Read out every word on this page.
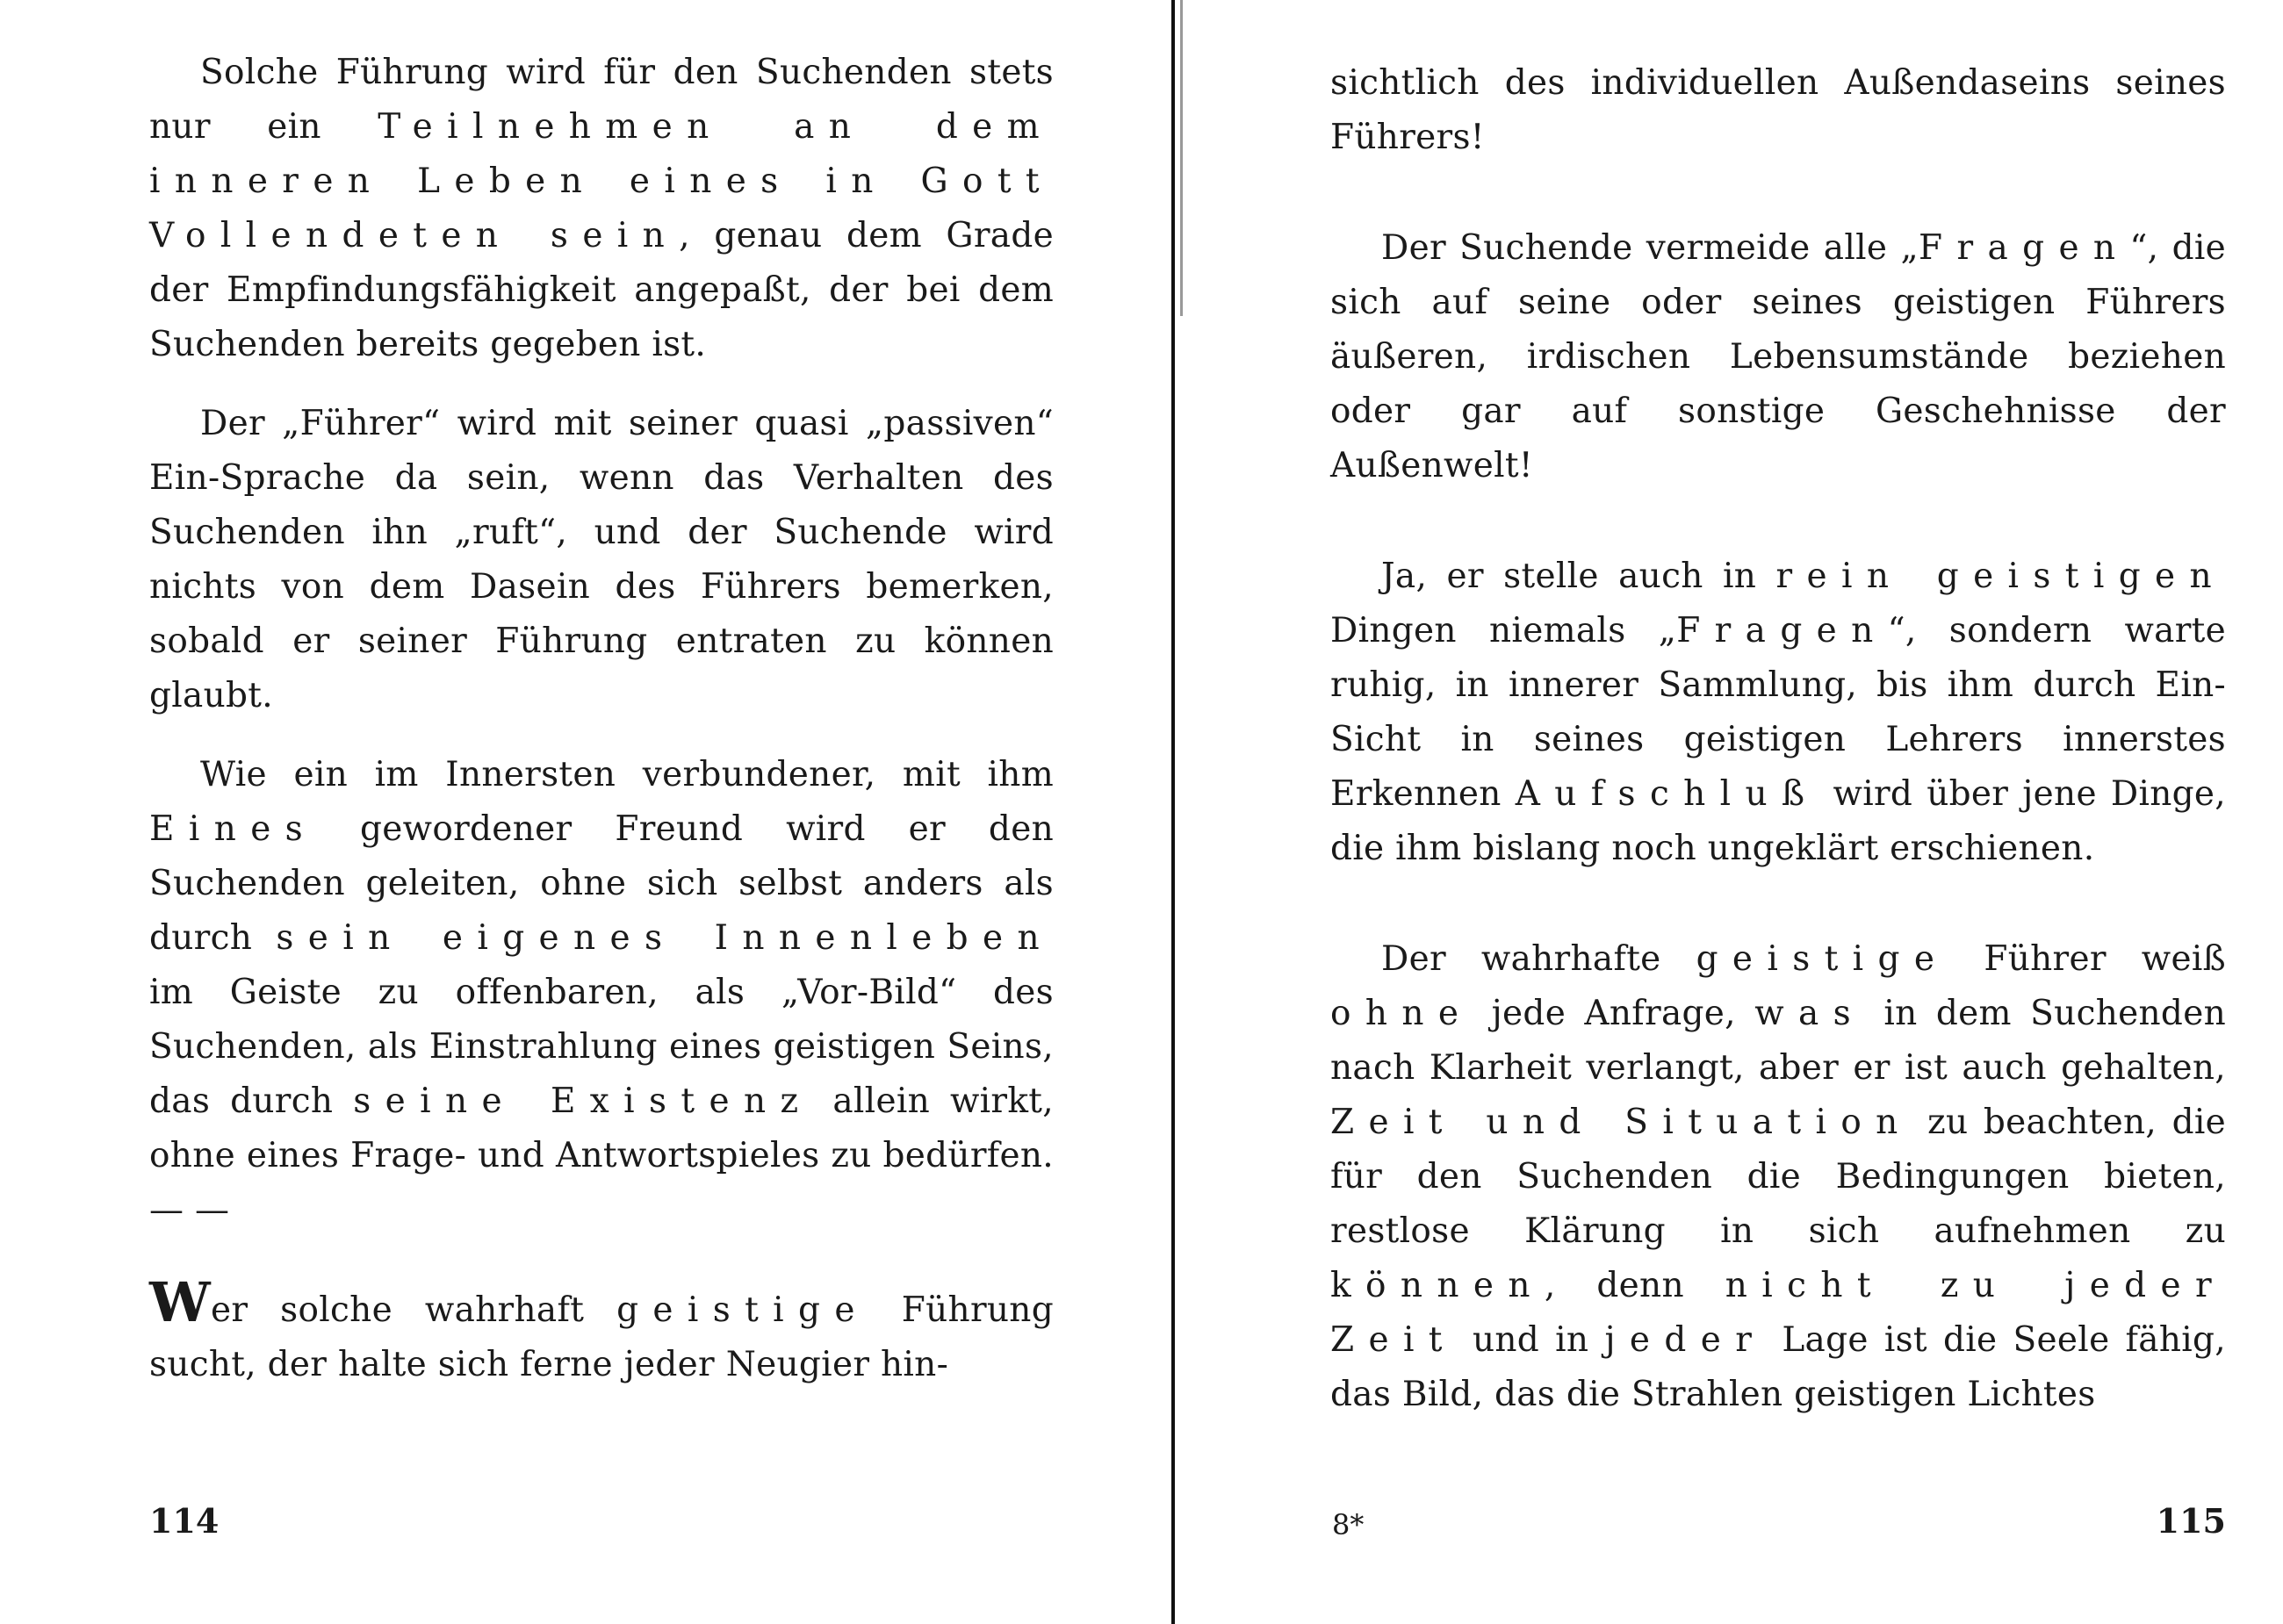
Solche Führung wird für den Suchenden stets nur ein Teilnehmen an dem inneren Leben eines in Gott Vollendeten sein, genau dem Grade der Empfindungsfähigkeit angepaßt, der bei dem Suchenden bereits gegeben ist.

Der „Führer“ wird mit seiner quasi „passiven“ Ein-Sprache da sein, wenn das Verhalten des Suchenden ihn „ruft“, und der Suchende wird nichts von dem Dasein des Führers bemerken, sobald er seiner Führung entraten zu können glaubt.

Wie ein im Innersten verbundener, mit ihm Eines gewordener Freund wird er den Suchenden geleiten, ohne sich selbst anders als durch sein eigenes Innenleben im Geiste zu offenbaren, als „Vor-Bild“ des Suchenden, als Einstrahlung eines geistigen Seins, das durch seine Existenz allein wirkt, ohne eines Frage- und Antwortspieles zu bedürfen. — —

Wer solche wahrhaft geistige Führung sucht, der halte sich ferne jeder Neugier hin-

114

sichtlich des individuellen Außendaseins seines Führers!

Der Suchende vermeide alle „Fragen“, die sich auf seine oder seines geistigen Führers äußeren, irdischen Lebensumstände beziehen oder gar auf sonstige Geschehnisse der Außenwelt!

Ja, er stelle auch in rein geistigen Dingen niemals „Fragen“, sondern warte ruhig, in innerer Sammlung, bis ihm durch Ein-Sicht in seines geistigen Lehrers innerstes Erkennen Aufschluß wird über jene Dinge, die ihm bislang noch ungeklärt erschienen.

Der wahrhafte geistige Führer weiß ohne jede Anfrage, was in dem Suchenden nach Klarheit verlangt, aber er ist auch gehalten, Zeit und Situation zu beachten, die für den Suchenden die Bedingungen bieten, restlose Klärung in sich aufnehmen zu können, denn nicht zu jeder Zeit und in jeder Lage ist die Seele fähig, das Bild, das die Strahlen geistigen Lichtes

8*	115
